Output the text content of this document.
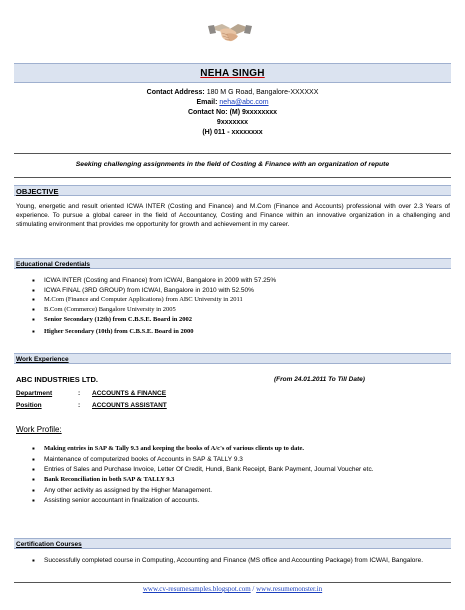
NEHA SINGH
Contact Address: 180 M G Road, Bangalore-XXXXXX
Email: neha@abc.com
Contact No: (M) 9xxxxxxxx
9xxxxxxx
(H) 011 - xxxxxxxx
Seeking challenging assignments in the field of Costing & Finance with an organization of repute
OBJECTIVE
Young, energetic and result oriented ICWA INTER (Costing and Finance) and M.Com (Finance and Accounts) professional with over 2.3 Years of experience. To pursue a global career in the field of Accountancy, Costing and Finance within an innovative organization in a challenging and stimulating environment that provides me opportunity for growth and achievement in my career.
Educational Credentials
▪ ICWA INTER (Costing and Finance) from ICWAI, Bangalore in 2009 with 57.25%
▪ ICWA FINAL (3RD GROUP) from ICWAI, Bangalore in 2010 with 52.50%
▪ M.Com (Finance and Computer Applications) from ABC University in 2011
▪ B.Com (Commerce) Bangalore University in 2005
▪ Senior Secondary (12th) from C.B.S.E. Board in 2002
▪ Higher Secondary (10th) from C.B.S.E. Board in 2000
Work Experience
ABC INDUSTRIES LTD.	(From 24.01.2011 To Till Date)
Department	: ACCOUNTS & FINANCE
Position	: ACCOUNTS ASSISTANT
Work Profile:
▪ Making entries in SAP & Tally 9.3 and keeping the books of A/c's of various clients up to date.
▪ Maintenance of computerized books of Accounts in SAP & TALLY 9.3
▪ Entries of Sales and Purchase Invoice, Letter Of Credit, Hundi, Bank Receipt, Bank Payment, Journal Voucher etc.
▪ Bank Reconciliation in both SAP & TALLY 9.3
▪ Any other activity as assigned by the Higher Management.
▪ Assisting senior accountant in finalization of accounts.
Certification Courses
▪ Successfully completed course in Computing, Accounting and Finance (MS office and Accounting Package) from ICWAI, Bangalore.
www.cv-resumesamples.blogspot.com / www.resumemonster.in
